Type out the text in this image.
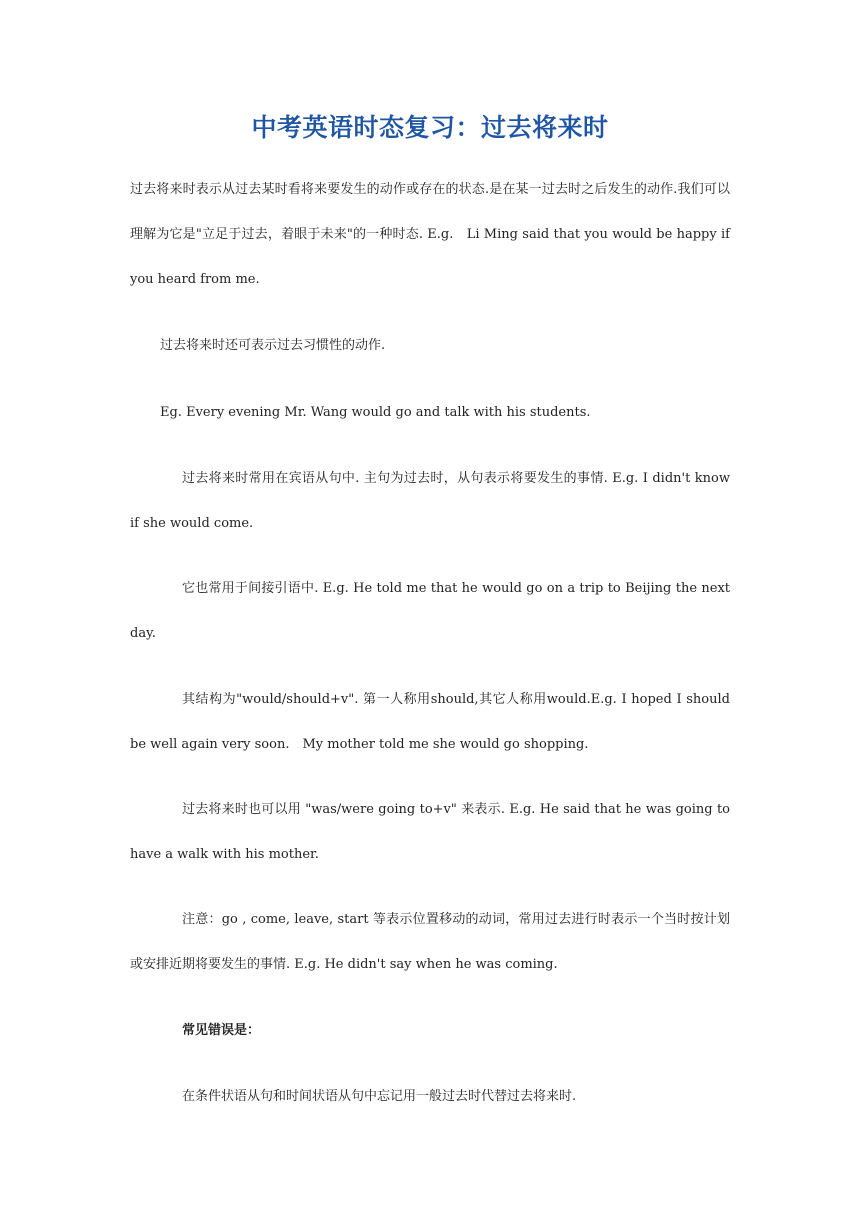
中考英语时态复习：过去将来时

过去将来时表示从过去某时看将来要发生的动作或存在的状态.是在某一过去时之后发生的动作.我们可以理解为它是"立足于过去，着眼于未来"的一种时态. E.g.　Li Ming said that you would be happy if you heard from me.

过去将来时还可表示过去习惯性的动作.

Eg. Every evening Mr. Wang would go and talk with his students.

过去将来时常用在宾语从句中. 主句为过去时，从句表示将要发生的事情. E.g. I didn't know if she would come.

它也常用于间接引语中. E.g. He told me that he would go on a trip to Beijing the next day.

其结构为"would/should+v". 第一人称用should,其它人称用would.E.g. I hoped I should be well again very soon.　My mother told me she would go shopping.

过去将来时也可以用 "was/were going to+v" 来表示. E.g. He said that he was going to have a walk with his mother.

注意：go , come, leave, start 等表示位置移动的动词，常用过去进行时表示一个当时按计划或安排近期将要发生的事情. E.g. He didn't say when he was coming.

常见错误是：

在条件状语从句和时间状语从句中忘记用一般过去时代替过去将来时.
